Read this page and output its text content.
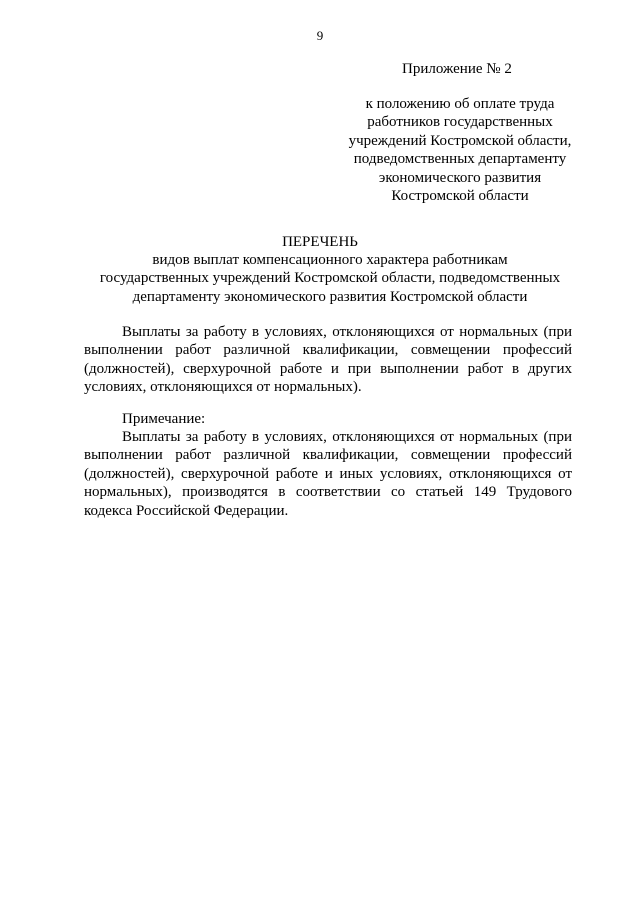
9
Приложение № 2
к положению об оплате труда
работников государственных
учреждений Костромской области,
подведомственных департаменту
экономического развития
Костромской области
ПЕРЕЧЕНЬ
видов выплат компенсационного характера работникам
государственных учреждений Костромской области, подведомственных
департаменту экономического развития Костромской области
Выплаты за работу в условиях, отклоняющихся от нормальных (при
выполнении работ различной квалификации, совмещении профессий
(должностей), сверхурочной работе и при выполнении работ в других
условиях, отклоняющихся от нормальных).
Примечание:
Выплаты за работу в условиях, отклоняющихся от нормальных (при
выполнении работ различной квалификации, совмещении профессий
(должностей), сверхурочной работе и иных условиях, отклоняющихся от
нормальных), производятся в соответствии со статьей 149 Трудового
кодекса Российской Федерации.
